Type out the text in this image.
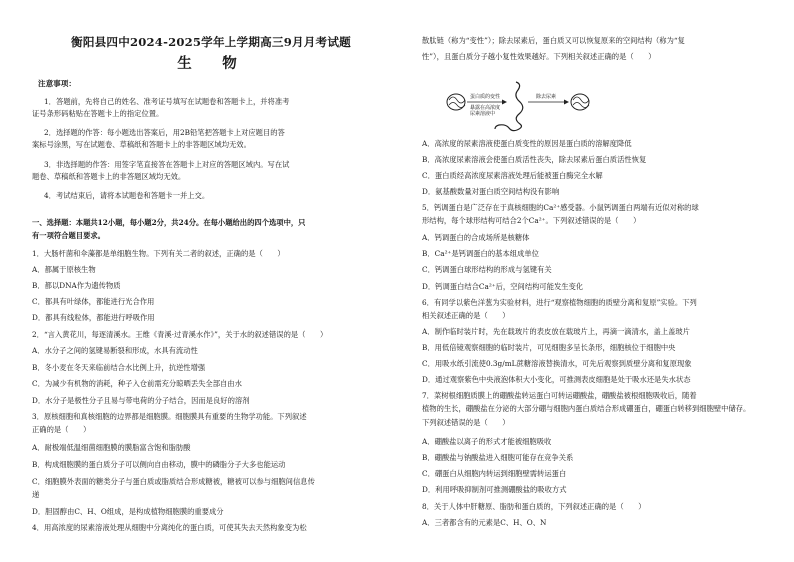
衡阳县四中2024-2025学年上学期高三9月月考试题
生　物
注意事项：
1．答题前，先将自己的姓名、准考证号填写在试题卷和答题卡上，并将准考
证号条形码粘贴在答题卡上的指定位置。
2．选择题的作答：每小题选出答案后，用2B铅笔把答题卡上对应题目的答
案标号涂黑，写在试题卷、草稿纸和答题卡上的非答题区域均无效。
3．非选择题的作答：用签字笔直接答在答题卡上对应的答题区域内。写在试
题卷、草稿纸和答题卡上的非答题区域均无效。
4．考试结束后，请将本试题卷和答题卡一并上交。
一、选择题：本题共12小题，每小题2分，共24分。在每小题给出的四个选项中，只
有一项符合题目要求。
1．大肠杆菌和伞藻都是单细胞生物。下列有关二者的叙述，正确的是（　　）
A．都属于原核生物
B．都以DNA作为遗传物质
C．都具有叶绿体，都能进行光合作用
D．都具有线粒体，都能进行呼吸作用
2．“言入黄花川，每逐清溪水。王维《青溪·过青溪水作》”，关于水的叙述错误的是（　　）
A．水分子之间的氢键易断裂和形成，水具有流动性
B．冬小麦在冬天来临前结合水比例上升，抗逆性增强
C．为减少有机物的消耗，种子入仓前需充分晾晒丢失全部自由水
D．水分子是极性分子且易与带电荷的分子结合，因而是良好的溶剂
3．原核细胞和真核细胞的边界都是细胞膜。细胞膜具有重要的生物学功能。下列叙述
正确的是（　　）
A．耐极端低温细菌细胞膜的膜脂富含饱和脂肪酸
B．构成细胞膜的蛋白质分子可以侧向自由移动，膜中的磷脂分子大多也能运动
C．细胞膜外表面的糖类分子与蛋白质或脂质结合形成糖被，糖被可以参与细胞间信息传
递
D．胆固醇由C、H、O组成，是构成植物细胞膜的重要成分
4．用高浓度的尿素溶液处理从细胞中分离纯化的蛋白质，可使其失去天然构象变为松
散肽链（称为“变性”）；除去尿素后，蛋白质又可以恢复原来的空间结构（称为“复
性”），且蛋白质分子越小复性效果越好。下列相关叙述正确的是（　　）
蛋白质的变性
暴露在高浓度
尿素溶液中
除去尿素
A．高浓度的尿素溶液使蛋白质变性的原因是蛋白质的溶解度降低
B．高浓度尿素溶液会使蛋白质活性丧失，除去尿素后蛋白质活性恢复
C．蛋白质经高浓度尿素溶液处理后能被蛋白酶完全水解
D．氨基酸数量对蛋白质空间结构没有影响
5．钙调蛋白是广泛存在于真核细胞的Ca²⁺感受器。小鼠钙调蛋白两端有近似对称的球
形结构，每个球形结构可结合2个Ca²⁺。下列叙述错误的是（　　）
A．钙调蛋白的合成场所是核糖体
B．Ca²⁺是钙调蛋白的基本组成单位
C．钙调蛋白球形结构的形成与氢键有关
D．钙调蛋白结合Ca²⁺后，空间结构可能发生变化
6．有同学以紫色洋葱为实验材料，进行“观察植物细胞的质壁分离和复原”实验。下列
相关叙述正确的是（　　）
A．制作临时装片时，先在载玻片的表皮放在载玻片上，再滴一滴清水，盖上盖玻片
B．用低倍镜观察细胞的临时装片，可见细胞多呈长条形，细胞核位于细胞中央
C．用吸水纸引流使0.3g/mL蔗糖溶液替换清水，可先后观察到质壁分离和复原现象
D．通过观察紫色中央液泡体积大小变化，可推测表皮细胞是处于吸水还是失水状态
7．菜树根细胞质膜上的硼酸盐转运蛋白可转运硼酸盐，硼酸盐被根细胞吸收后，随着
植物的生长，硼酸盐在分泌的大部分硼与细胞内蛋白质结合形成硼蛋白，硼蛋白转移到细胞壁中储存。
下列叙述错误的是（　　）
A．硼酸盐以离子的形式才能被细胞吸收
B．硼酸盐与钠酸盐进入细胞可能存在竞争关系
C．硼蛋白从细胞内转运到细胞壁需转运蛋白
D．利用呼吸抑制剂可推测硼酸盐的吸收方式
8．关于人体中肝糖原、脂肪和蛋白质的，下列叙述正确的是（　　）
A．三者都含有的元素是C、H、O、N
